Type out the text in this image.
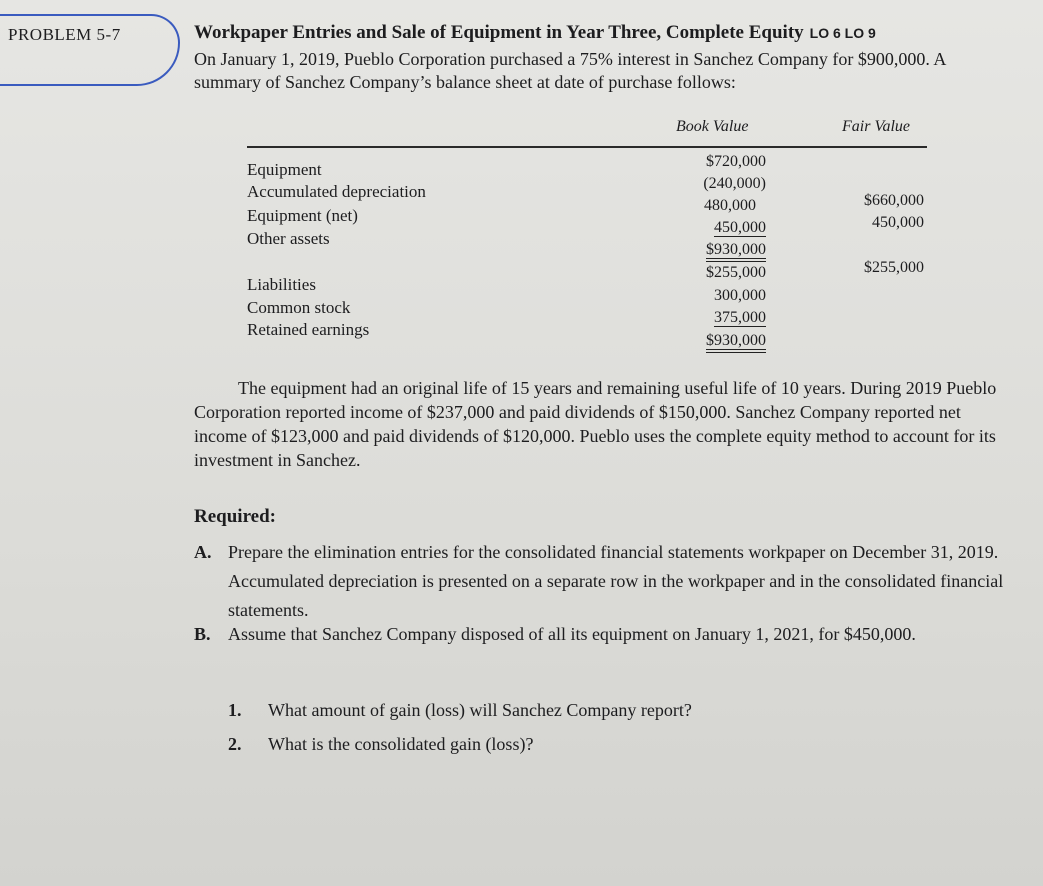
PROBLEM 5-7	Workpaper Entries and Sale of Equipment in Year Three, Complete Equity LO 6 LO 9
On January 1, 2019, Pueblo Corporation purchased a 75% interest in Sanchez Company for $900,000. A summary of Sanchez Company’s balance sheet at date of purchase follows:
Book Value	Fair Value
Equipment
Accumulated depreciation
Equipment (net)
Other assets
Liabilities
Common stock
Retained earnings
$720,000
(240,000)
480,000
450,000
$930,000
$255,000
300,000
375,000
$930,000
$660,000
450,000
$255,000
The equipment had an original life of 15 years and remaining useful life of 10 years. During 2019 Pueblo Corporation reported income of $237,000 and paid dividends of $150,000. Sanchez Company reported net income of $123,000 and paid dividends of $120,000. Pueblo uses the complete equity method to account for its investment in Sanchez.
Required:
A. Prepare the elimination entries for the consolidated financial statements workpaper on December 31, 2019. Accumulated depreciation is presented on a separate row in the workpaper and in the consolidated financial statements.
B. Assume that Sanchez Company disposed of all its equipment on January 1, 2021, for $450,000.
1. What amount of gain (loss) will Sanchez Company report?
2. What is the consolidated gain (loss)?
